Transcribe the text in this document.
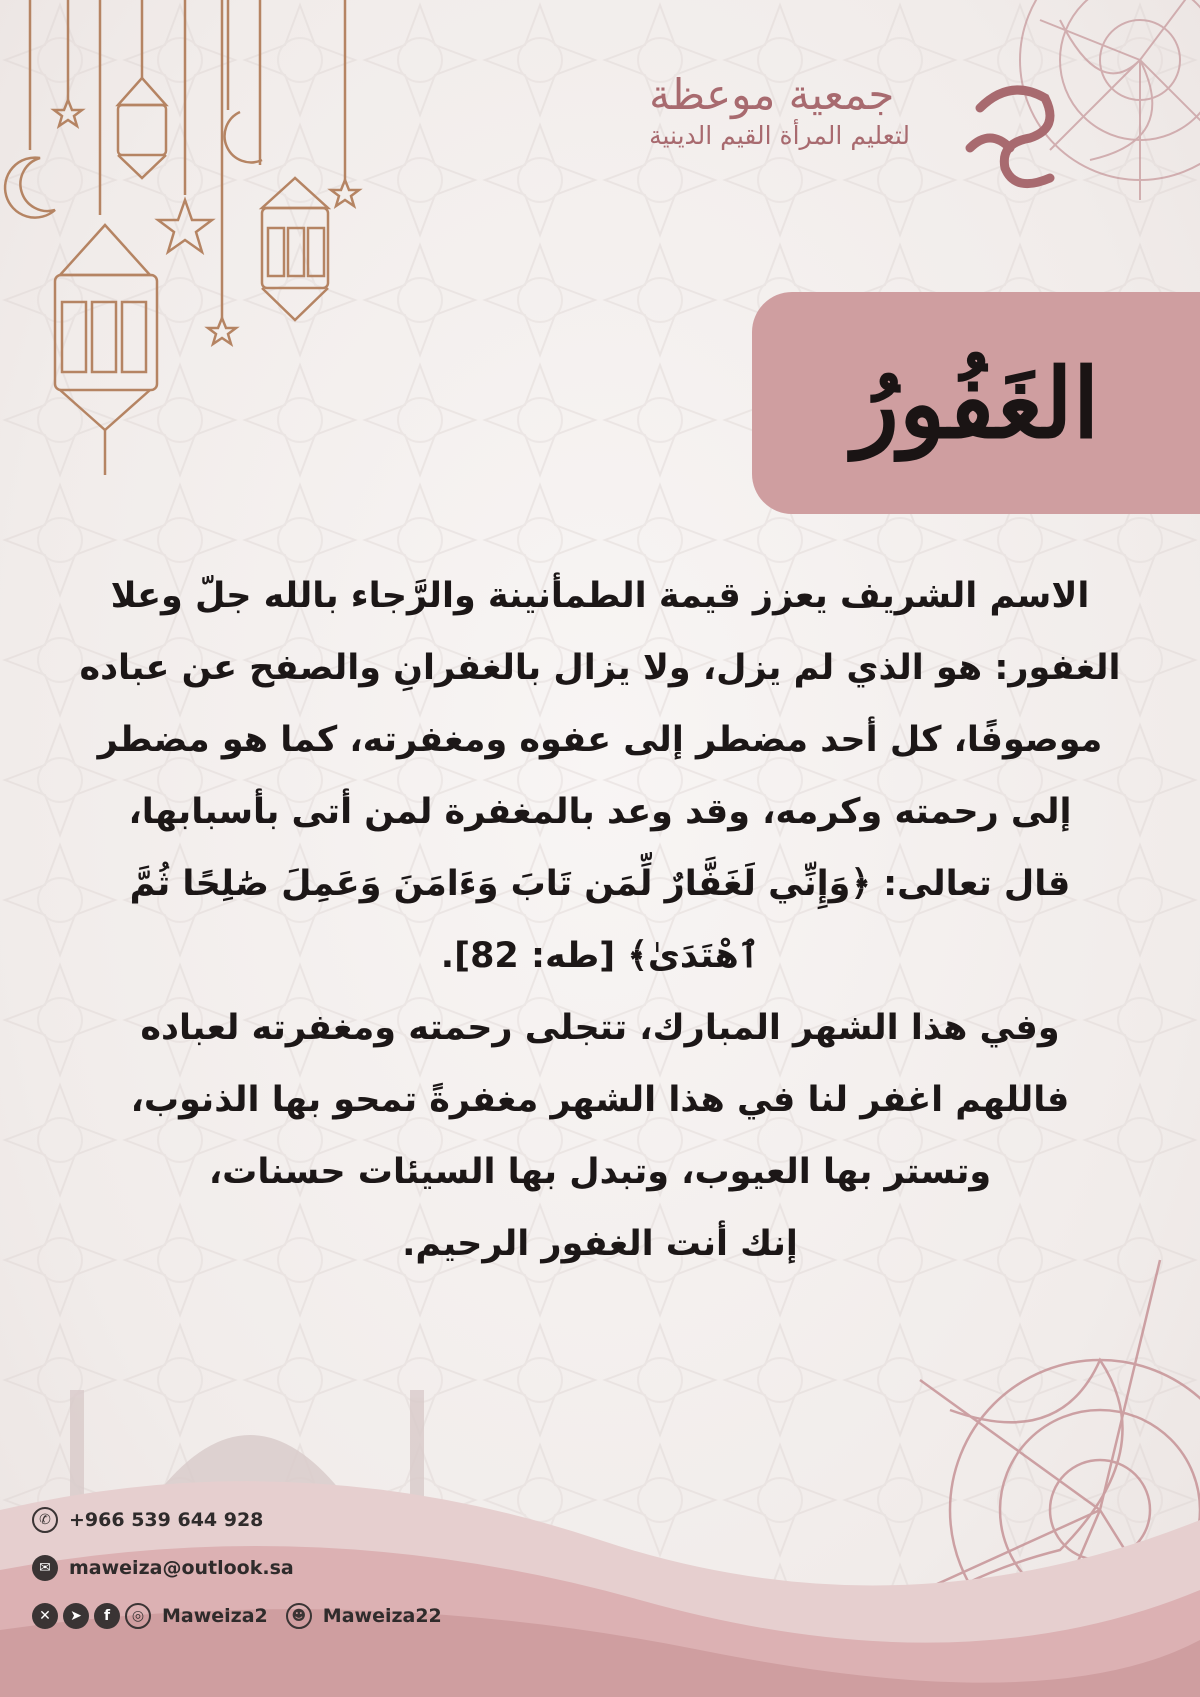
جمعية موعظة
لتعليم المرأة القيم الدينية
الغَفُورُ
الاسم الشريف يعزز قيمة الطمأنينة والرَّجاء بالله جلّ وعلا
الغفور: هو الذي لم يزل، ولا يزال بالغفرانِ والصفح عن عباده
موصوفًا، كل أحد مضطر إلى عفوه ومغفرته، كما هو مضطر
إلى رحمته وكرمه، وقد وعد بالمغفرة لمن أتى بأسبابها،
قال تعالى: ﴿وَإِنِّي لَغَفَّارٌ لِّمَن تَابَ وَءَامَنَ وَعَمِلَ صَٰلِحًا ثُمَّ
ٱهْتَدَىٰ﴾ [طه: 82].
وفي هذا الشهر المبارك، تتجلى رحمته ومغفرته لعباده
فاللهم اغفر لنا في هذا الشهر مغفرةً تمحو بها الذنوب،
وتستر بها العيوب، وتبدل بها السيئات حسنات،
إنك أنت الغفور الرحيم.
✆ +966 539 644 928
✉ maweiza@outlook.sa
✕	➤	f	◎ Maweiza2	☻ Maweiza22
